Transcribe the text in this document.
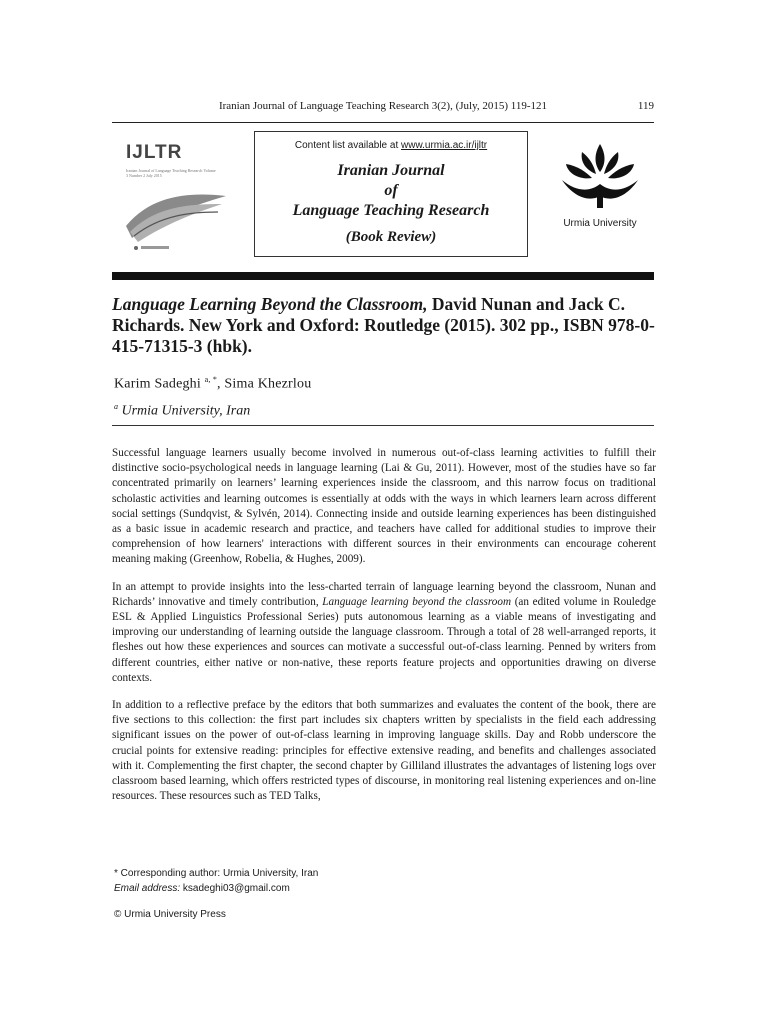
Iranian Journal of Language Teaching Research 3(2), (July, 2015) 119-121	119
IJLTR
Iranian Journal of Language Teaching Research Volume 3 Number 2 July 2015
Content list available at www.urmia.ac.ir/ijltr
Iranian Journal
of
Language Teaching Research
(Book Review)
Urmia University
Language Learning Beyond the Classroom, David Nunan and Jack C. Richards. New York and Oxford: Routledge (2015). 302 pp., ISBN 978-0-415-71315-3 (hbk).
Karim Sadeghi $^{a, *}$, Sima Khezrlou
$^a$ Urmia University, Iran

Successful language learners usually become involved in numerous out-of-class learning activities to fulfill their distinctive socio-psychological needs in language learning (Lai & Gu, 2011). However, most of the studies have so far concentrated primarily on learners’ learning experiences inside the classroom, and this narrow focus on traditional scholastic activities and learning outcomes is essentially at odds with the ways in which learners learn across different social settings (Sundqvist, & Sylvén, 2014). Connecting inside and outside learning experiences has been distinguished as a basic issue in academic research and practice, and teachers have called for additional studies to improve their comprehension of how learners' interactions with different sources in their environments can encourage coherent meaning making (Greenhow, Robelia, & Hughes, 2009).

In an attempt to provide insights into the less-charted terrain of language learning beyond the classroom, Nunan and Richards’ innovative and timely contribution, Language learning beyond the classroom (an edited volume in Rouledge ESL & Applied Linguistics Professional Series) puts autonomous learning as a viable means of investigating and improving our understanding of learning outside the language classroom. Through a total of 28 well-arranged reports, it fleshes out how these experiences and sources can motivate a successful out-of-class learning. Penned by writers from different countries, either native or non-native, these reports feature projects and opportunities drawing on diverse contexts.

In addition to a reflective preface by the editors that both summarizes and evaluates the content of the book, there are five sections to this collection: the first part includes six chapters written by specialists in the field each addressing significant issues on the power of out-of-class learning in improving language skills. Day and Robb underscore the crucial points for extensive reading: principles for effective extensive reading, and benefits and challenges associated with it. Complementing the first chapter, the second chapter by Gilliland illustrates the advantages of listening logs over classroom based learning, which offers restricted types of discourse, in monitoring real listening experiences and on-line resources. These resources such as TED Talks,

* Corresponding author: Urmia University, Iran
Email address: ksadeghi03@gmail.com
© Urmia University Press
